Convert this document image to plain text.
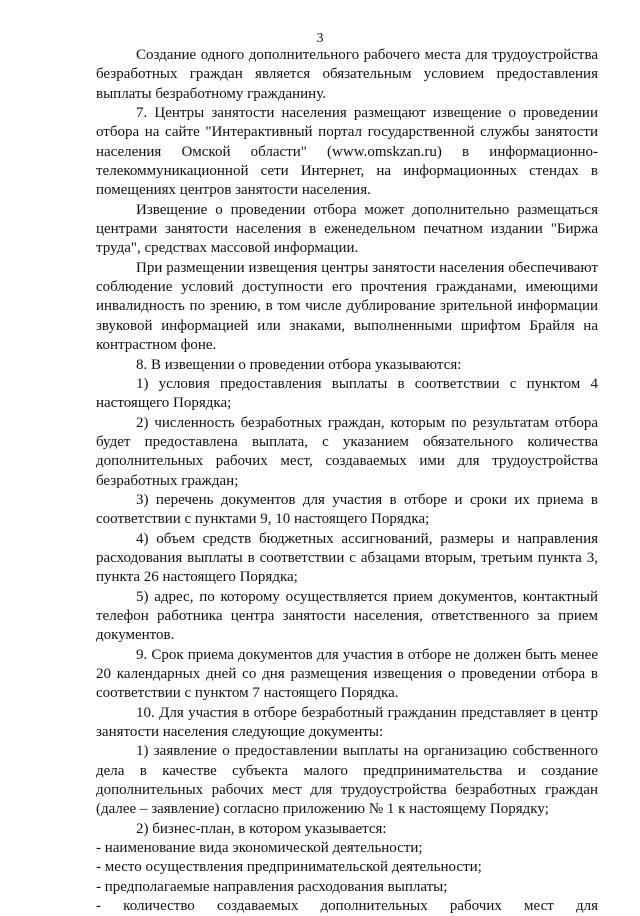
3

Создание одного дополнительного рабочего места для трудоустройства безработных граждан является обязательным условием предоставления выплаты безработному гражданину.

7. Центры занятости населения размещают извещение о проведении отбора на сайте "Интерактивный портал государственной службы занятости населения Омской области" (www.omskzan.ru) в информационно-телекоммуникационной сети Интернет, на информационных стендах в помещениях центров занятости населения.

Извещение о проведении отбора может дополнительно размещаться центрами занятости населения в еженедельном печатном издании "Биржа труда", средствах массовой информации.

При размещении извещения центры занятости населения обеспечивают соблюдение условий доступности его прочтения гражданами, имеющими инвалидность по зрению, в том числе дублирование зрительной информации звуковой информацией или знаками, выполненными шрифтом Брайля на контрастном фоне.

8. В извещении о проведении отбора указываются:

1) условия предоставления выплаты в соответствии с пунктом 4 настоящего Порядка;

2) численность безработных граждан, которым по результатам отбора будет предоставлена выплата, с указанием обязательного количества дополнительных рабочих мест, создаваемых ими для трудоустройства безработных граждан;

3) перечень документов для участия в отборе и сроки их приема в соответствии с пунктами 9, 10 настоящего Порядка;

4) объем средств бюджетных ассигнований, размеры и направления расходования выплаты в соответствии с абзацами вторым, третьим пункта 3, пункта 26 настоящего Порядка;

5) адрес, по которому осуществляется прием документов, контактный телефон работника центра занятости населения, ответственного за прием документов.

9. Срок приема документов для участия в отборе не должен быть менее 20 календарных дней со дня размещения извещения о проведении отбора в соответствии с пунктом 7 настоящего Порядка.

10. Для участия в отборе безработный гражданин представляет в центр занятости населения следующие документы:

1) заявление о предоставлении выплаты на организацию собственного дела в качестве субъекта малого предпринимательства и создание дополнительных рабочих мест для трудоустройства безработных граждан (далее – заявление) согласно приложению № 1 к настоящему Порядку;

2) бизнес-план, в котором указывается:

- наименование вида экономической деятельности;

- место осуществления предпринимательской деятельности;

- предполагаемые направления расходования выплаты;

- количество создаваемых дополнительных рабочих мест для
